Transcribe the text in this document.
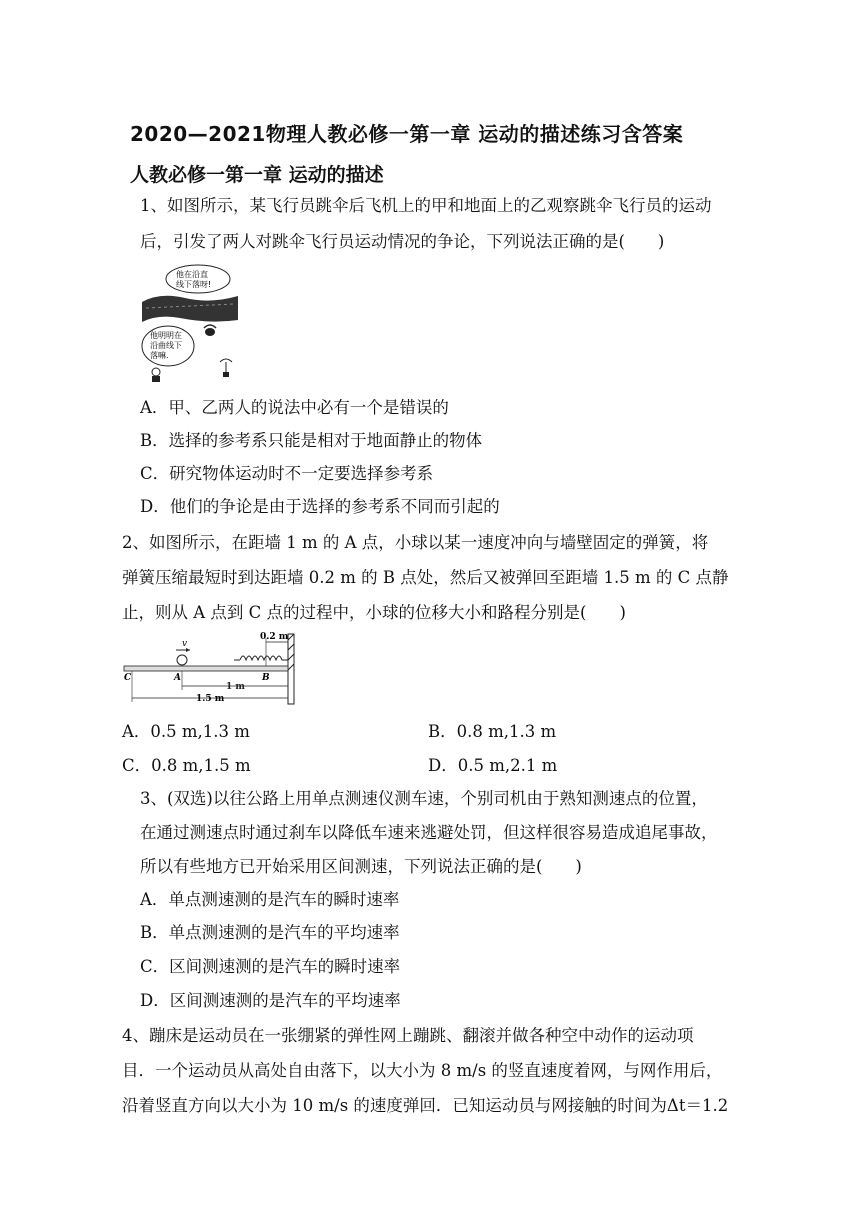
2020—2021物理人教必修一第一章 运动的描述练习含答案
人教必修一第一章 运动的描述
1、如图所示，某飞行员跳伞后飞机上的甲和地面上的乙观察跳伞飞行员的运动
后，引发了两人对跳伞飞行员运动情况的争论，下列说法正确的是(　　)
他在沿直
线下落呀!
他明明在
沿曲线下
落嘛.
A．甲、乙两人的说法中必有一个是错误的
B．选择的参考系只能是相对于地面静止的物体
C．研究物体运动时不一定要选择参考系
D．他们的争论是由于选择的参考系不同而引起的
2、如图所示，在距墙 1 m 的 A 点，小球以某一速度冲向与墙壁固定的弹簧，将
弹簧压缩最短时到达距墙 0.2 m 的 B 点处，然后又被弹回至距墙 1.5 m 的 C 点静
止，则从 A 点到 C 点的过程中，小球的位移大小和路程分别是(　　)
v
0.2 m
C	A	B
1 m
1.5 m
A．0.5 m,1.3 m	B．0.8 m,1.3 m
C．0.8 m,1.5 m	D．0.5 m,2.1 m
3、(双选)以往公路上用单点测速仪测车速，个别司机由于熟知测速点的位置，
在通过测速点时通过刹车以降低车速来逃避处罚，但这样很容易造成追尾事故，
所以有些地方已开始采用区间测速，下列说法正确的是(　　)
A．单点测速测的是汽车的瞬时速率
B．单点测速测的是汽车的平均速率
C．区间测速测的是汽车的瞬时速率
D．区间测速测的是汽车的平均速率
4、蹦床是运动员在一张绷紧的弹性网上蹦跳、翻滚并做各种空中动作的运动项
目．一个运动员从高处自由落下，以大小为 8 m/s 的竖直速度着网，与网作用后，
沿着竖直方向以大小为 10 m/s 的速度弹回．已知运动员与网接触的时间为Δt＝1.2
